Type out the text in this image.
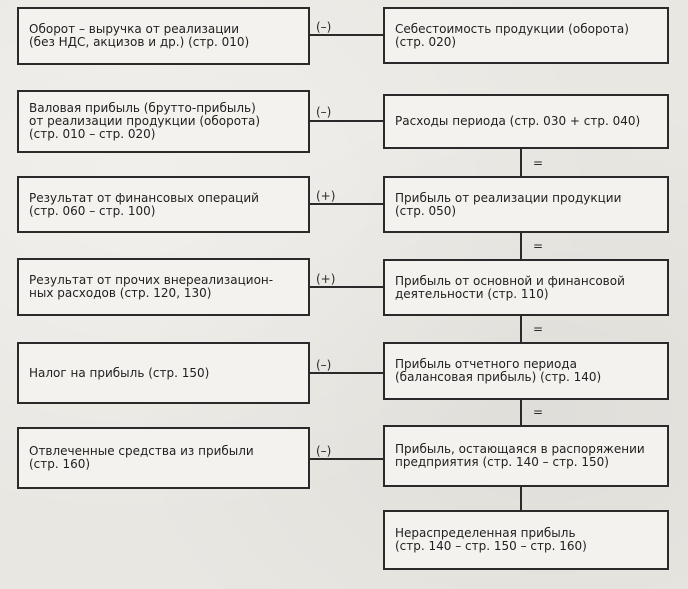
Оборот – выручка от реализации
(без НДС, акцизов и др.) (стр. 010)
Валовая прибыль (брутто-прибыль)
от реализации продукции (оборота)
(стр. 010 – стр. 020)
Результат от финансовых операций
(стр. 060 – стр. 100)
Результат от прочих внереализацион-
ных расходов (стр. 120, 130)
Налог на прибыль (стр. 150)
Отвлеченные средства из прибыли
(стр. 160)
Себестоимость продукции (оборота)
(стр. 020)
Расходы периода (стр. 030 + стр. 040)
Прибыль от реализации продукции
(стр. 050)
Прибыль от основной и финансовой
деятельности (стр. 110)
Прибыль отчетного периода
(балансовая прибыль) (стр. 140)
Прибыль, остающаяся в распоряжении
предприятия (стр. 140 – стр. 150)
Нераспределенная прибыль
(стр. 140 – стр. 150 – стр. 160)
(–)
(–)
(+)
(+)
(–)
(–)
=
=
=
=
